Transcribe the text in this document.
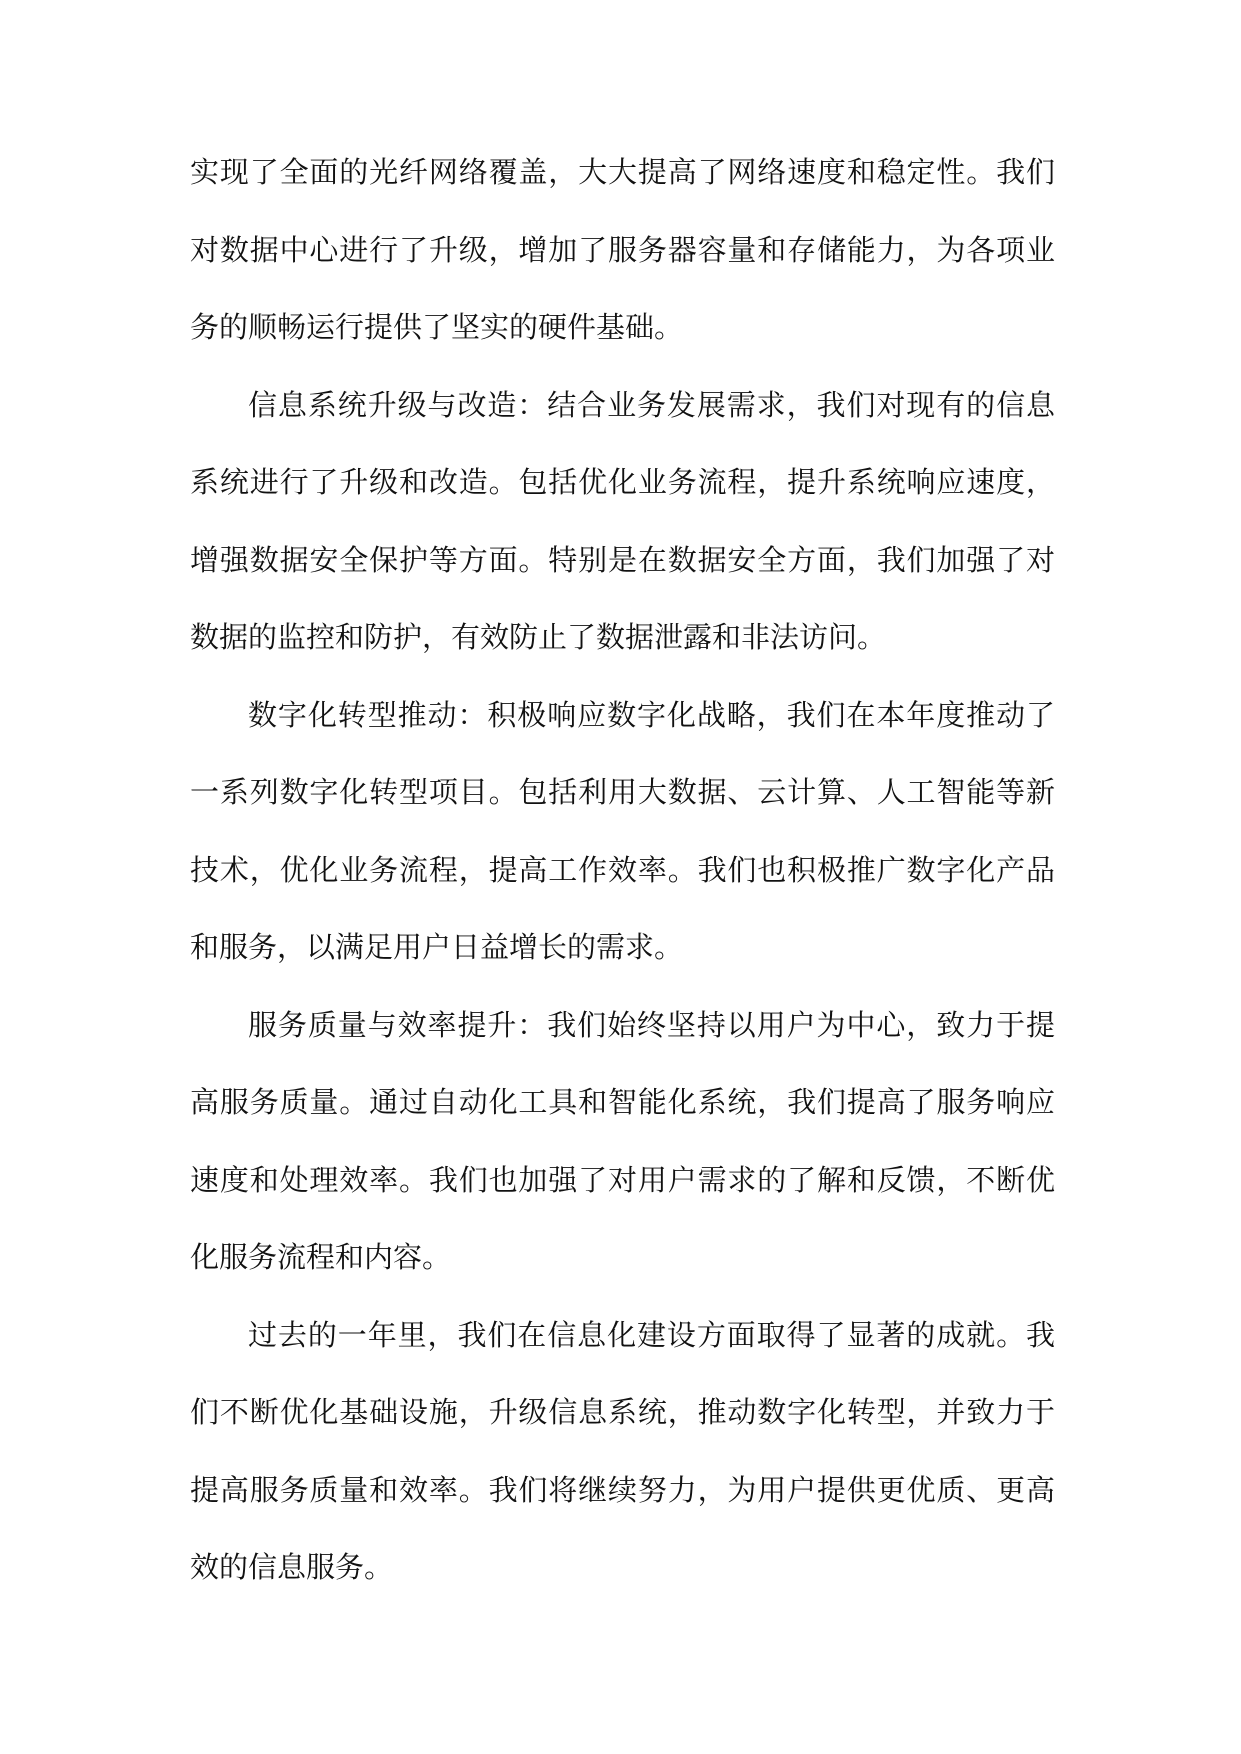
实现了全面的光纤网络覆盖，大大提高了网络速度和稳定性。我们对数据中心进行了升级，增加了服务器容量和存储能力，为各项业务的顺畅运行提供了坚实的硬件基础。

信息系统升级与改造：结合业务发展需求，我们对现有的信息系统进行了升级和改造。包括优化业务流程，提升系统响应速度，增强数据安全保护等方面。特别是在数据安全方面，我们加强了对数据的监控和防护，有效防止了数据泄露和非法访问。

数字化转型推动：积极响应数字化战略，我们在本年度推动了一系列数字化转型项目。包括利用大数据、云计算、人工智能等新技术，优化业务流程，提高工作效率。我们也积极推广数字化产品和服务，以满足用户日益增长的需求。

服务质量与效率提升：我们始终坚持以用户为中心，致力于提高服务质量。通过自动化工具和智能化系统，我们提高了服务响应速度和处理效率。我们也加强了对用户需求的了解和反馈，不断优化服务流程和内容。

过去的一年里，我们在信息化建设方面取得了显著的成就。我们不断优化基础设施，升级信息系统，推动数字化转型，并致力于提高服务质量和效率。我们将继续努力，为用户提供更优质、更高效的信息服务。
